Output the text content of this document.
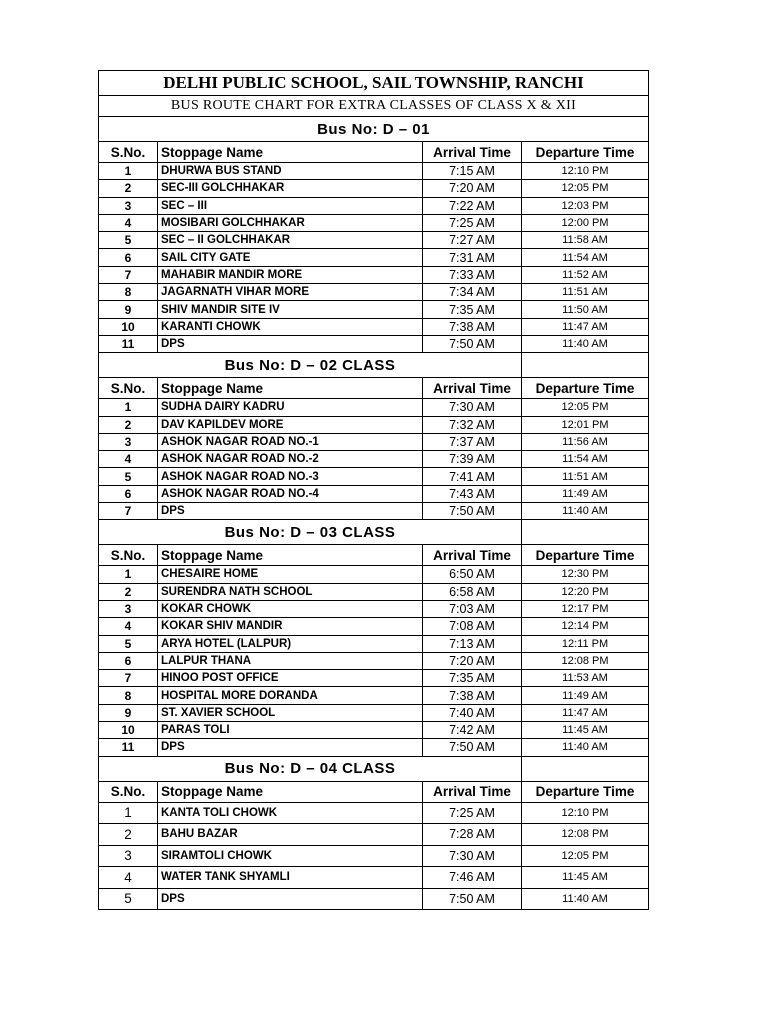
DELHI PUBLIC SCHOOL, SAIL TOWNSHIP, RANCHI			
BUS ROUTE CHART FOR EXTRA CLASSES OF CLASS X & XII			
Bus No: D – 01			
S.No.	Stoppage Name	Arrival Time	Departure Time
1	DHURWA BUS STAND	7:15 AM	12:10 PM
2	SEC-III GOLCHHAKAR	7:20 AM	12:05 PM
3	SEC – III	7:22 AM	12:03 PM
4	MOSIBARI GOLCHHAKAR	7:25 AM	12:00 PM
5	SEC – II GOLCHHAKAR	7:27 AM	11:58 AM
6	SAIL CITY GATE	7:31 AM	11:54 AM
7	MAHABIR MANDIR MORE	7:33 AM	11:52 AM
8	JAGARNATH VIHAR MORE	7:34 AM	11:51 AM
9	SHIV MANDIR SITE IV	7:35 AM	11:50 AM
10	KARANTI CHOWK	7:38 AM	11:47 AM
11	DPS	7:50 AM	11:40 AM
Bus No: D – 02 CLASS			
S.No.	Stoppage Name	Arrival Time	Departure Time
1	SUDHA DAIRY KADRU	7:30 AM	12:05 PM
2	DAV KAPILDEV MORE	7:32 AM	12:01 PM
3	ASHOK NAGAR ROAD NO.-1	7:37 AM	11:56 AM
4	ASHOK NAGAR ROAD NO.-2	7:39 AM	11:54 AM
5	ASHOK NAGAR ROAD NO.-3	7:41 AM	11:51 AM
6	ASHOK NAGAR ROAD NO.-4	7:43 AM	11:49 AM
7	DPS	7:50 AM	11:40 AM
Bus No: D – 03 CLASS			
S.No.	Stoppage Name	Arrival Time	Departure Time
1	CHESAIRE HOME	6:50 AM	12:30 PM
2	SURENDRA NATH SCHOOL	6:58 AM	12:20 PM
3	KOKAR CHOWK	7:03 AM	12:17 PM
4	KOKAR SHIV MANDIR	7:08 AM	12:14 PM
5	ARYA HOTEL (LALPUR)	7:13 AM	12:11 PM
6	LALPUR THANA	7:20 AM	12:08 PM
7	HINOO POST OFFICE	7:35 AM	11:53 AM
8	HOSPITAL MORE DORANDA	7:38 AM	11:49 AM
9	ST. XAVIER SCHOOL	7:40 AM	11:47 AM
10	PARAS TOLI	7:42 AM	11:45 AM
11	DPS	7:50 AM	11:40 AM
Bus No: D – 04 CLASS			
S.No.	Stoppage Name	Arrival Time	Departure Time
1	KANTA TOLI CHOWK	7:25 AM	12:10 PM
2	BAHU BAZAR	7:28 AM	12:08 PM
3	SIRAMTOLI CHOWK	7:30 AM	12:05 PM
4	WATER TANK SHYAMLI	7:46 AM	11:45 AM
5	DPS	7:50 AM	11:40 AM
